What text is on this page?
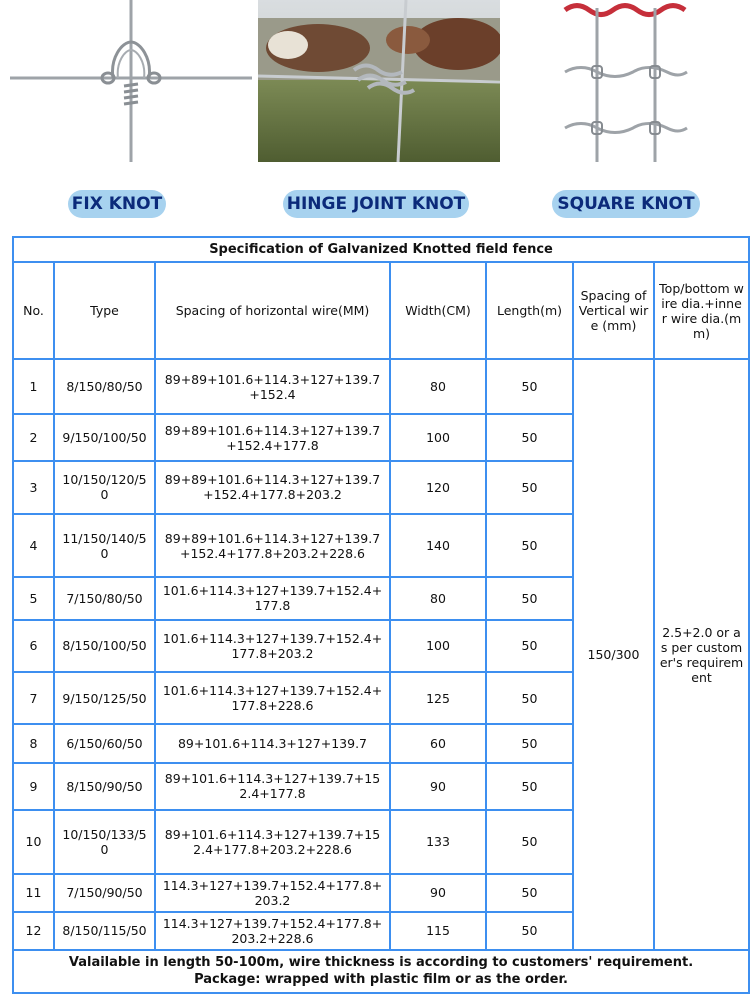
FIX KNOT	HINGE JOINT KNOT	SQUARE KNOT
Specification of Galvanized Knotted field fence						
No.	Type	Spacing of horizontal wire(MM)	Width(CM)	Length(m)	Spacing of Vertical wire (mm)	Top/bottom wire dia.+inner wire dia.(mm)
1	8/150/80/50	89+89+101.6+114.3+127+139.7+152.4	80	50	150/300	2.5+2.0 or as per customer's requirement
2	9/150/100/50	89+89+101.6+114.3+127+139.7+152.4+177.8	100	50		
3	10/150/120/50	89+89+101.6+114.3+127+139.7+152.4+177.8+203.2	120	50		
4	11/150/140/50	89+89+101.6+114.3+127+139.7+152.4+177.8+203.2+228.6	140	50		
5	7/150/80/50	101.6+114.3+127+139.7+152.4+177.8	80	50		
6	8/150/100/50	101.6+114.3+127+139.7+152.4+177.8+203.2	100	50		
7	9/150/125/50	101.6+114.3+127+139.7+152.4+177.8+228.6	125	50		
8	6/150/60/50	89+101.6+114.3+127+139.7	60	50		
9	8/150/90/50	89+101.6+114.3+127+139.7+152.4+177.8	90	50		
10	10/150/133/50	89+101.6+114.3+127+139.7+152.4+177.8+203.2+228.6	133	50		
11	7/150/90/50	114.3+127+139.7+152.4+177.8+203.2	90	50		
12	8/150/115/50	114.3+127+139.7+152.4+177.8+203.2+228.6	115	50		

Valailable in length 50-100m, wire thickness is according to customers' requirement.
Package: wrapped with plastic film or as the order.						
